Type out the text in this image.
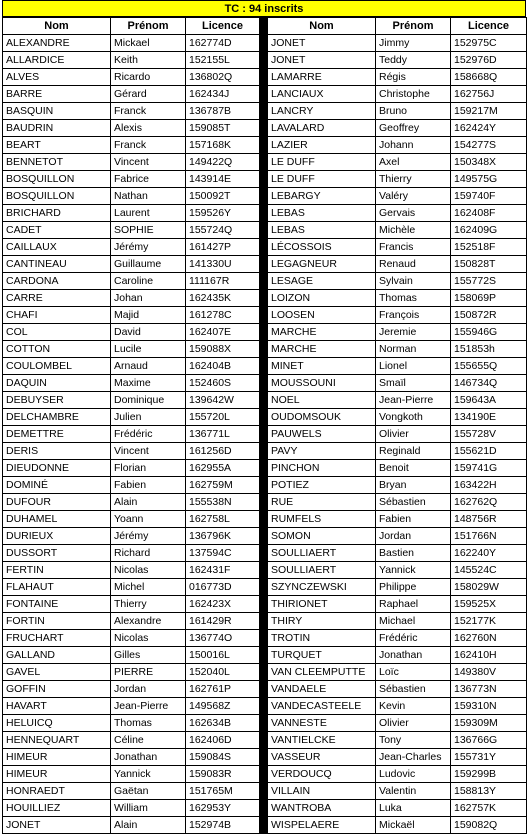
TC : 94 inscrits
Nom	Prénom	Licence		Nom	Prénom	Licence
ALEXANDRE	Mickael	162774D		JONET	Jimmy	152975C
ALLARDICE	Keith	152155L		JONET	Teddy	152976D
ALVES	Ricardo	136802Q		LAMARRE	Régis	158668Q
BARRE	Gérard	162434J		LANCIAUX	Christophe	162756J
BASQUIN	Franck	136787B		LANCRY	Bruno	159217M
BAUDRIN	Alexis	159085T		LAVALARD	Geoffrey	162424Y
BEART	Franck	157168K		LAZIER	Johann	154277S
BENNETOT	Vincent	149422Q		LE DUFF	Axel	150348X
BOSQUILLON	Fabrice	143914E		LE DUFF	Thierry	149575G
BOSQUILLON	Nathan	150092T		LEBARGY	Valéry	159740F
BRICHARD	Laurent	159526Y		LEBAS	Gervais	162408F
CADET	SOPHIE	155724Q		LEBAS	Michèle	162409G
CAILLAUX	Jérémy	161427P		LÉCOSSOIS	Francis	152518F
CANTINEAU	Guillaume	141330U		LEGAGNEUR	Renaud	150828T
CARDONA	Caroline	111167R		LESAGE	Sylvain	155772S
CARRE	Johan	162435K		LOIZON	Thomas	158069P
CHAFI	Majid	161278C		LOOSEN	François	150872R
COL	David	162407E		MARCHE	Jeremie	155946G
COTTON	Lucile	159088X		MARCHE	Norman	151853h
COULOMBEL	Arnaud	162404B		MINET	Lionel	155655Q
DAQUIN	Maxime	152460S		MOUSSOUNI	Smaïl	146734Q
DEBUYSER	Dominique	139642W		NOEL	Jean-Pierre	159643A
DELCHAMBRE	Julien	155720L		OUDOMSOUK	Vongkoth	134190E
DEMETTRE	Frédéric	136771L		PAUWELS	Olivier	155728V
DERIS	Vincent	161256D		PAVY	Reginald	155621D
DIEUDONNE	Florian	162955A		PINCHON	Benoit	159741G
DOMINÉ	Fabien	162759M		POTIEZ	Bryan	163422H
DUFOUR	Alain	155538N		RUE	Sébastien	162762Q
DUHAMEL	Yoann	162758L		RUMFELS	Fabien	148756R
DURIEUX	Jérémy	136796K		SOMON	Jordan	151766N
DUSSORT	Richard	137594C		SOULLIAERT	Bastien	162240Y
FERTIN	Nicolas	162431F		SOULLIAERT	Yannick	145524C
FLAHAUT	Michel	016773D		SZYNCZEWSKI	Philippe	158029W
FONTAINE	Thierry	162423X		THIRIONET	Raphael	159525X
FORTIN	Alexandre	161429R		THIRY	Michael	152177K
FRUCHART	Nicolas	136774O		TROTIN	Frédéric	162760N
GALLAND	Gilles	150016L		TURQUET	Jonathan	162410H
GAVEL	PIERRE	152040L		VAN CLEEMPUTTE	Loïc	149380V
GOFFIN	Jordan	162761P		VANDAELE	Sébastien	136773N
HAVART	Jean-Pierre	149568Z		VANDECASTEELE	Kevin	159310N
HELUICQ	Thomas	162634B		VANNESTE	Olivier	159309M
HENNEQUART	Céline	162406D		VANTIELCKE	Tony	136766G
HIMEUR	Jonathan	159084S		VASSEUR	Jean-Charles	155731Y
HIMEUR	Yannick	159083R		VERDOUCQ	Ludovic	159299B
HONRAEDT	Gaëtan	151765M		VILLAIN	Valentin	158813Y
HOUILLIEZ	William	162953Y		WANTROBA	Luka	162757K
JONET	Alain	152974B		WISPELAERE	Mickaël	159082Q
